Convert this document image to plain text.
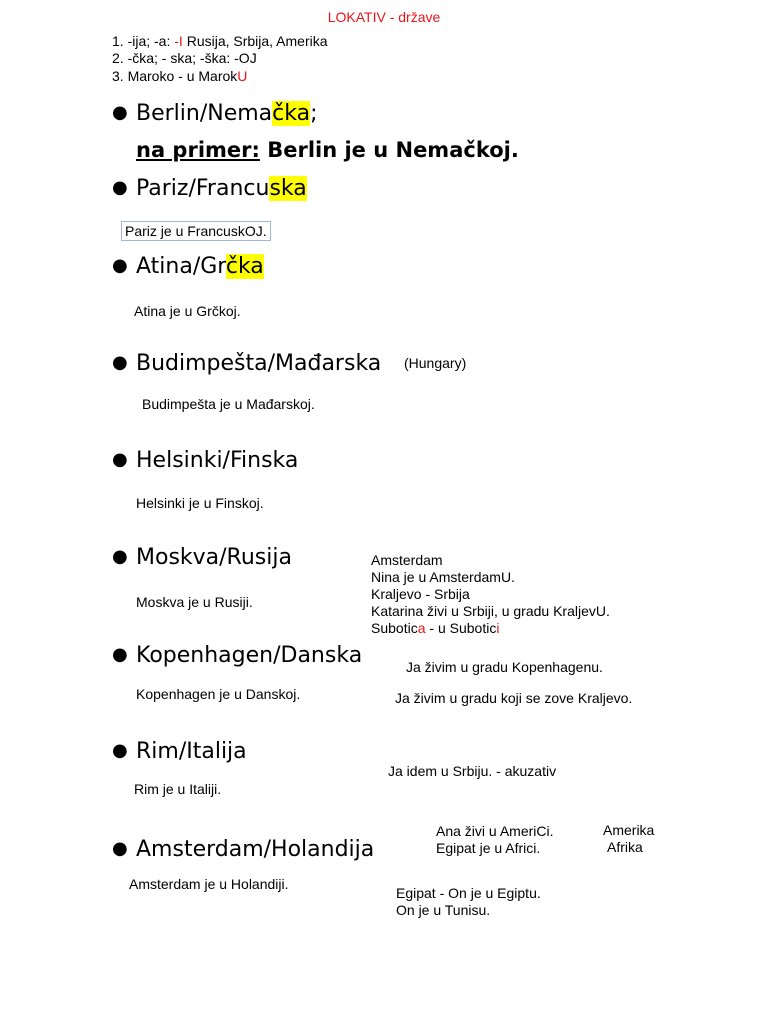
LOKATIV - države
1. -ija; -a: -I Rusija, Srbija, Amerika
2. -čka; - ska; -ška: -OJ
3. Maroko - u MarokU
● Berlin/Nemačka;
na primer: Berlin je u Nemačkoj.
● Pariz/Francuska
Pariz je u FrancuskOJ.
● Atina/Grčka
Atina je u Grčkoj.
● Budimpešta/Mađarska (Hungary)
Budimpešta je u Mađarskoj.
● Helsinki/Finska
Helsinki je u Finskoj.
● Moskva/Rusija
Moskva je u Rusiji.
Amsterdam
Nina je u AmsterdamU.
Kraljevo - Srbija
Katarina živi u Srbiji, u gradu KraljevU.
Subotica - u Subotici
● Kopenhagen/Danska
Kopenhagen je u Danskoj.
Ja živim u gradu Kopenhagenu.
Ja živim u gradu koji se zove Kraljevo.
● Rim/Italija
Ja idem u Srbiju. - akuzativ
Rim je u Italiji.
Ana živi u AmeriCi.
Egipat je u Africi.
Amerika
Afrika
● Amsterdam/Holandija
Amsterdam je u Holandiji.
Egipat - On je u Egiptu.
On je u Tunisu.
